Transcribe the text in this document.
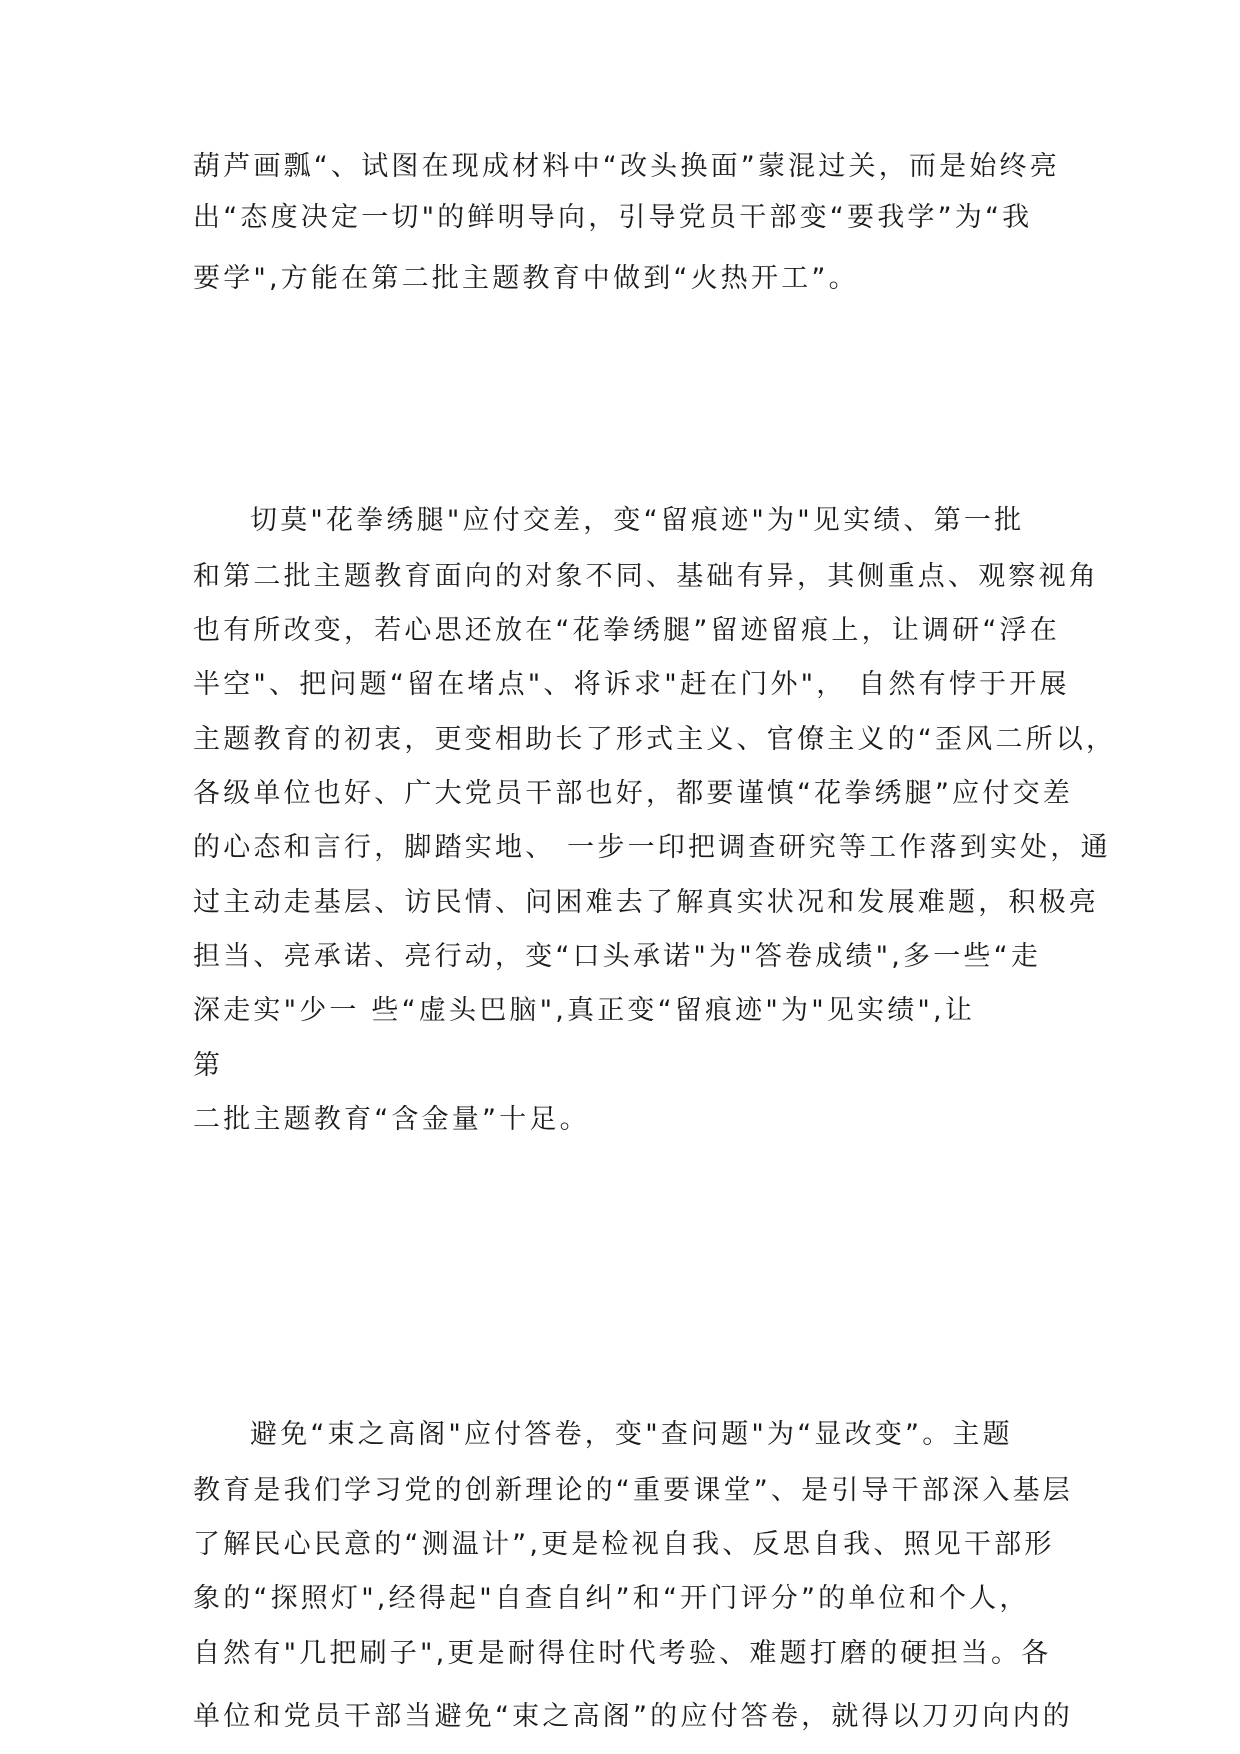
葫芦画瓢“、试图在现成材料中“改头换面”蒙混过关，而是始终亮
出“态度决定一切"的鲜明导向，引导党员干部变“要我学”为“我
要学",方能在第二批主题教育中做到“火热开工”。
切莫"花拳绣腿"应付交差，变“留痕迹"为"见实绩、第一批
和第二批主题教育面向的对象不同、基础有异，其侧重点、观察视角
也有所改变，若心思还放在“花拳绣腿”留迹留痕上，让调研“浮在
半空"、把问题“留在堵点"、将诉求"赶在门外"， 自然有悖于开展
主题教育的初衷，更变相助长了形式主义、官僚主义的“歪风二所以，
各级单位也好、广大党员干部也好，都要谨慎“花拳绣腿”应付交差
的心态和言行，脚踏实地、 一步一印把调查研究等工作落到实处，通
过主动走基层、访民情、问困难去了解真实状况和发展难题，积极亮
担当、亮承诺、亮行动，变“口头承诺"为"答卷成绩",多一些“走
深走实"少一 些“虚头巴脑",真正变“留痕迹"为"见实绩",让
第
二批主题教育“含金量”十足。
避免“束之高阁"应付答卷，变"查问题"为“显改变”。主题
教育是我们学习党的创新理论的“重要课堂”、是引导干部深入基层
了解民心民意的“测温计”,更是检视自我、反思自我、照见干部形
象的“探照灯",经得起"自查自纠”和“开门评分”的单位和个人，
自然有"几把刷子",更是耐得住时代考验、难题打磨的硬担当。各
单位和党员干部当避免“束之高阁”的应付答卷，就得以刀刃向内的
